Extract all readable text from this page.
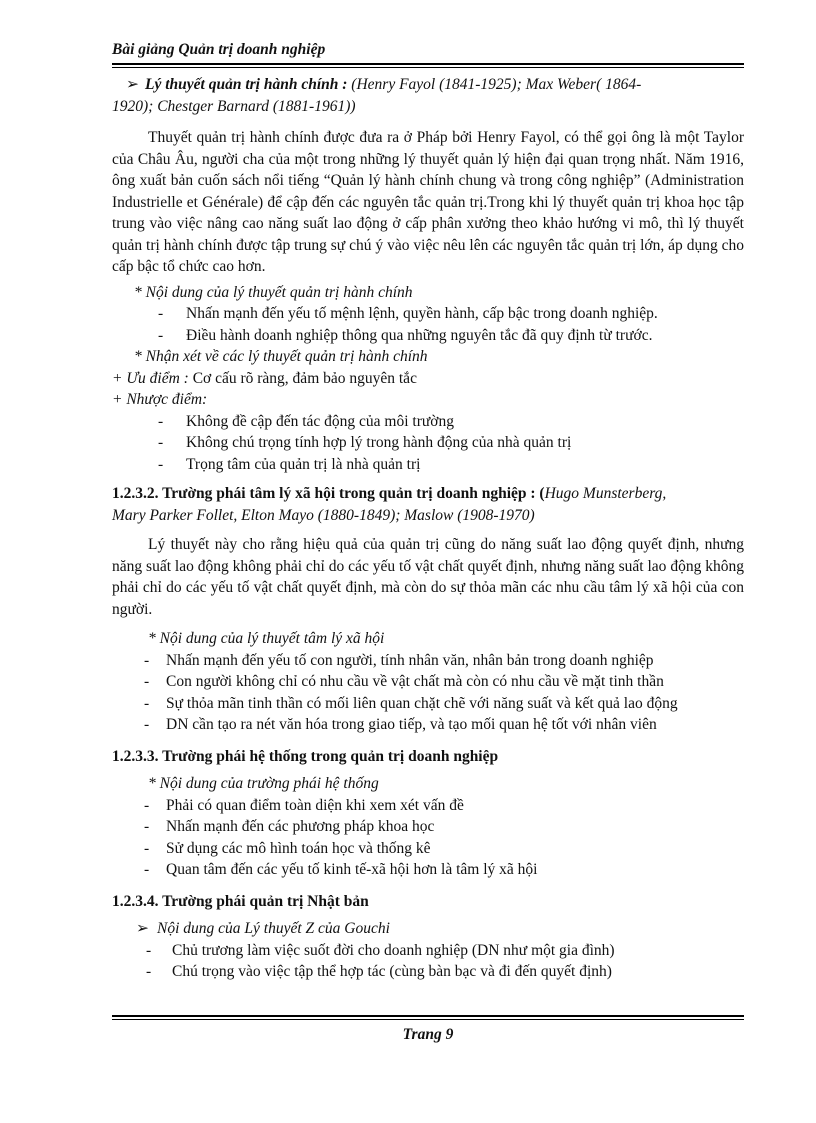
Bài giảng Quản trị doanh nghiệp

➢ Lý thuyết quản trị hành chính : (Henry Fayol (1841-1925); Max Weber( 1864-

1920); Chestger Barnard (1881-1961))

Thuyết quản trị hành chính được đưa ra ở Pháp bởi Henry Fayol, có thể gọi ông là một Taylor của Châu Âu, người cha của một trong những lý thuyết quản lý hiện đại quan trọng nhất. Năm 1916, ông xuất bản cuốn sách nổi tiếng “Quản lý hành chính chung và trong công nghiệp” (Administration Industrielle et Générale) để cập đến các nguyên tắc quản trị.Trong khi lý thuyết quản trị khoa học tập trung vào việc nâng cao năng suất lao động ở cấp phân xưởng theo khảo hướng vi mô, thì lý thuyết quản trị hành chính được tập trung sự chú ý vào việc nêu lên các nguyên tắc quản trị lớn, áp dụng cho cấp bậc tổ chức cao hơn.

* Nội dung của lý thuyết quản trị hành chính

-	Nhấn mạnh đến yếu tố mệnh lệnh, quyền hành, cấp bậc trong doanh nghiệp.
-	Điều hành doanh nghiệp thông qua những nguyên tắc đã quy định từ trước.

* Nhận xét về các lý thuyết quản trị hành chính

+ Ưu điểm : Cơ cấu rõ ràng, đảm bảo nguyên tắc

+ Nhược điểm:

-	Không đề cập đến tác động của môi trường
-	Không chú trọng tính hợp lý trong hành động của nhà quản trị
-	Trọng tâm của quản trị là nhà quản trị

1.2.3.2. Trường phái tâm lý xã hội trong quản trị doanh nghiệp : (Hugo Munsterberg,

Mary Parker Follet, Elton Mayo (1880-1849); Maslow (1908-1970)

Lý thuyết này cho rằng hiệu quả của quản trị cũng do năng suất lao động quyết định, nhưng năng suất lao động không phải chỉ do các yếu tố vật chất quyết định, nhưng năng suất lao động không phải chỉ do các yếu tố vật chất quyết định, mà còn do sự thỏa mãn các nhu cầu tâm lý xã hội của con người.

* Nội dung của lý thuyết tâm lý xã hội

-	Nhấn mạnh đến yếu tố con người, tính nhân văn, nhân bản trong doanh nghiệp
-	Con người không chỉ có nhu cầu về vật chất mà còn có nhu cầu về mặt tinh thần
-	Sự thỏa mãn tinh thần có mối liên quan chặt chẽ với năng suất và kết quả lao động
-	DN cần tạo ra nét văn hóa trong giao tiếp, và tạo mối quan hệ tốt với nhân viên

1.2.3.3. Trường phái hệ thống trong quản trị doanh nghiệp

* Nội dung của trường phái hệ thống

-	Phải có quan điểm toàn diện khi xem xét vấn đề
-	Nhấn mạnh đến các phương pháp khoa học
-	Sử dụng các mô hình toán học và thống kê
-	Quan tâm đến các yếu tố kinh tế-xã hội hơn là tâm lý xã hội

1.2.3.4. Trường phái quản trị Nhật bản

➢ Nội dung của Lý thuyết Z của Gouchi

-	Chủ trương làm việc suốt đời cho doanh nghiệp (DN như một gia đình)
-	Chú trọng vào việc tập thể hợp tác (cùng bàn bạc và đi đến quyết định)
Trang 9
